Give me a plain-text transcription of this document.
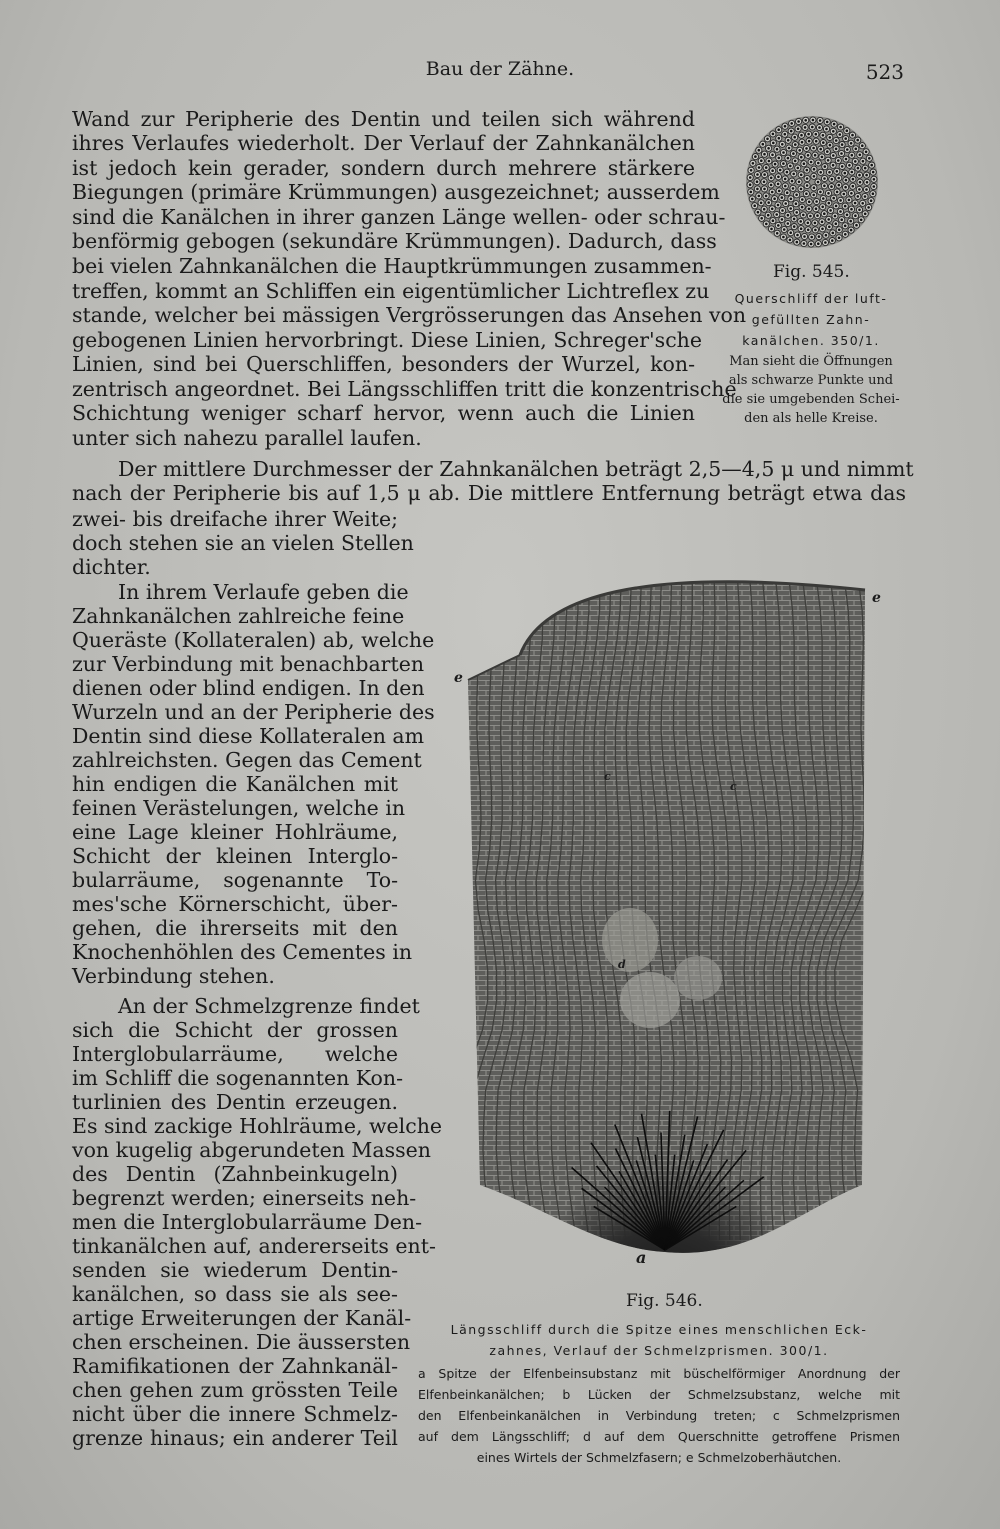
Bau der Zähne.	523
Wand zur Peripherie des Dentin und teilen sich während
ihres Verlaufes wiederholt. Der Verlauf der Zahnkanälchen
ist jedoch kein gerader, sondern durch mehrere stärkere
Biegungen (primäre Krümmungen) ausgezeichnet; ausserdem
sind die Kanälchen in ihrer ganzen Länge wellen- oder schrau-
benförmig gebogen (sekundäre Krümmungen). Dadurch, dass
bei vielen Zahnkanälchen die Hauptkrümmungen zusammen-
treffen, kommt an Schliffen ein eigentümlicher Lichtreflex zu
stande, welcher bei mässigen Vergrösserungen das Ansehen von
gebogenen Linien hervorbringt. Diese Linien, Schreger'sche
Linien, sind bei Querschliffen, besonders der Wurzel, kon-
zentrisch angeordnet. Bei Längsschliffen tritt die konzentrische
Schichtung weniger scharf hervor, wenn auch die Linien
unter sich nahezu parallel laufen.
Der mittlere Durchmesser der Zahnkanälchen beträgt 2,5—4,5 μ und nimmt
nach der Peripherie bis auf 1,5 μ ab. Die mittlere Entfernung beträgt etwa das
zwei- bis dreifache ihrer Weite;
doch stehen sie an vielen Stellen
dichter.
In ihrem Verlaufe geben die
Zahnkanälchen zahlreiche feine
Queräste (Kollateralen) ab, welche
zur Verbindung mit benachbarten
dienen oder blind endigen. In den
Wurzeln und an der Peripherie des
Dentin sind diese Kollateralen am
zahlreichsten. Gegen das Cement
hin endigen die Kanälchen mit
feinen Verästelungen, welche in
eine Lage kleiner Hohlräume,
Schicht der kleinen Interglo-
bularräume, sogenannte To-
mes'sche Körnerschicht, über-
gehen, die ihrerseits mit den
Knochenhöhlen des Cementes in
Verbindung stehen.
An der Schmelzgrenze findet
sich die Schicht der grossen
Interglobularräume, welche
im Schliff die sogenannten Kon-
turlinien des Dentin erzeugen.
Es sind zackige Hohlräume, welche
von kugelig abgerundeten Massen
des Dentin (Zahnbeinkugeln)
begrenzt werden; einerseits neh-
men die Interglobularräume Den-
tinkanälchen auf, andererseits ent-
senden sie wiederum Dentin-
kanälchen, so dass sie als see-
artige Erweiterungen der Kanäl-
chen erscheinen. Die äussersten
Ramifikationen der Zahnkanäl-
chen gehen zum grössten Teile
nicht über die innere Schmelz-
grenze hinaus; ein anderer Teil
Fig. 545.
Querschliff der luft-
gefüllten Zahn-
kanälchen. 350/1.
Man sieht die Öffnungen
als schwarze Punkte und
die sie umgebenden Schei-
den als helle Kreise.
e
e
c
c
d
a
Fig. 546.
Längsschliff durch die Spitze eines menschlichen Eck-
zahnes, Verlauf der Schmelzprismen. 300/1.
a Spitze der Elfenbeinsubstanz mit büschelförmiger Anordnung der
Elfenbeinkanälchen; b Lücken der Schmelzsubstanz, welche mit
den Elfenbeinkanälchen in Verbindung treten; c Schmelzprismen
auf dem Längsschliff; d auf dem Querschnitte getroffene Prismen
eines Wirtels der Schmelzfasern; e Schmelzoberhäutchen.
